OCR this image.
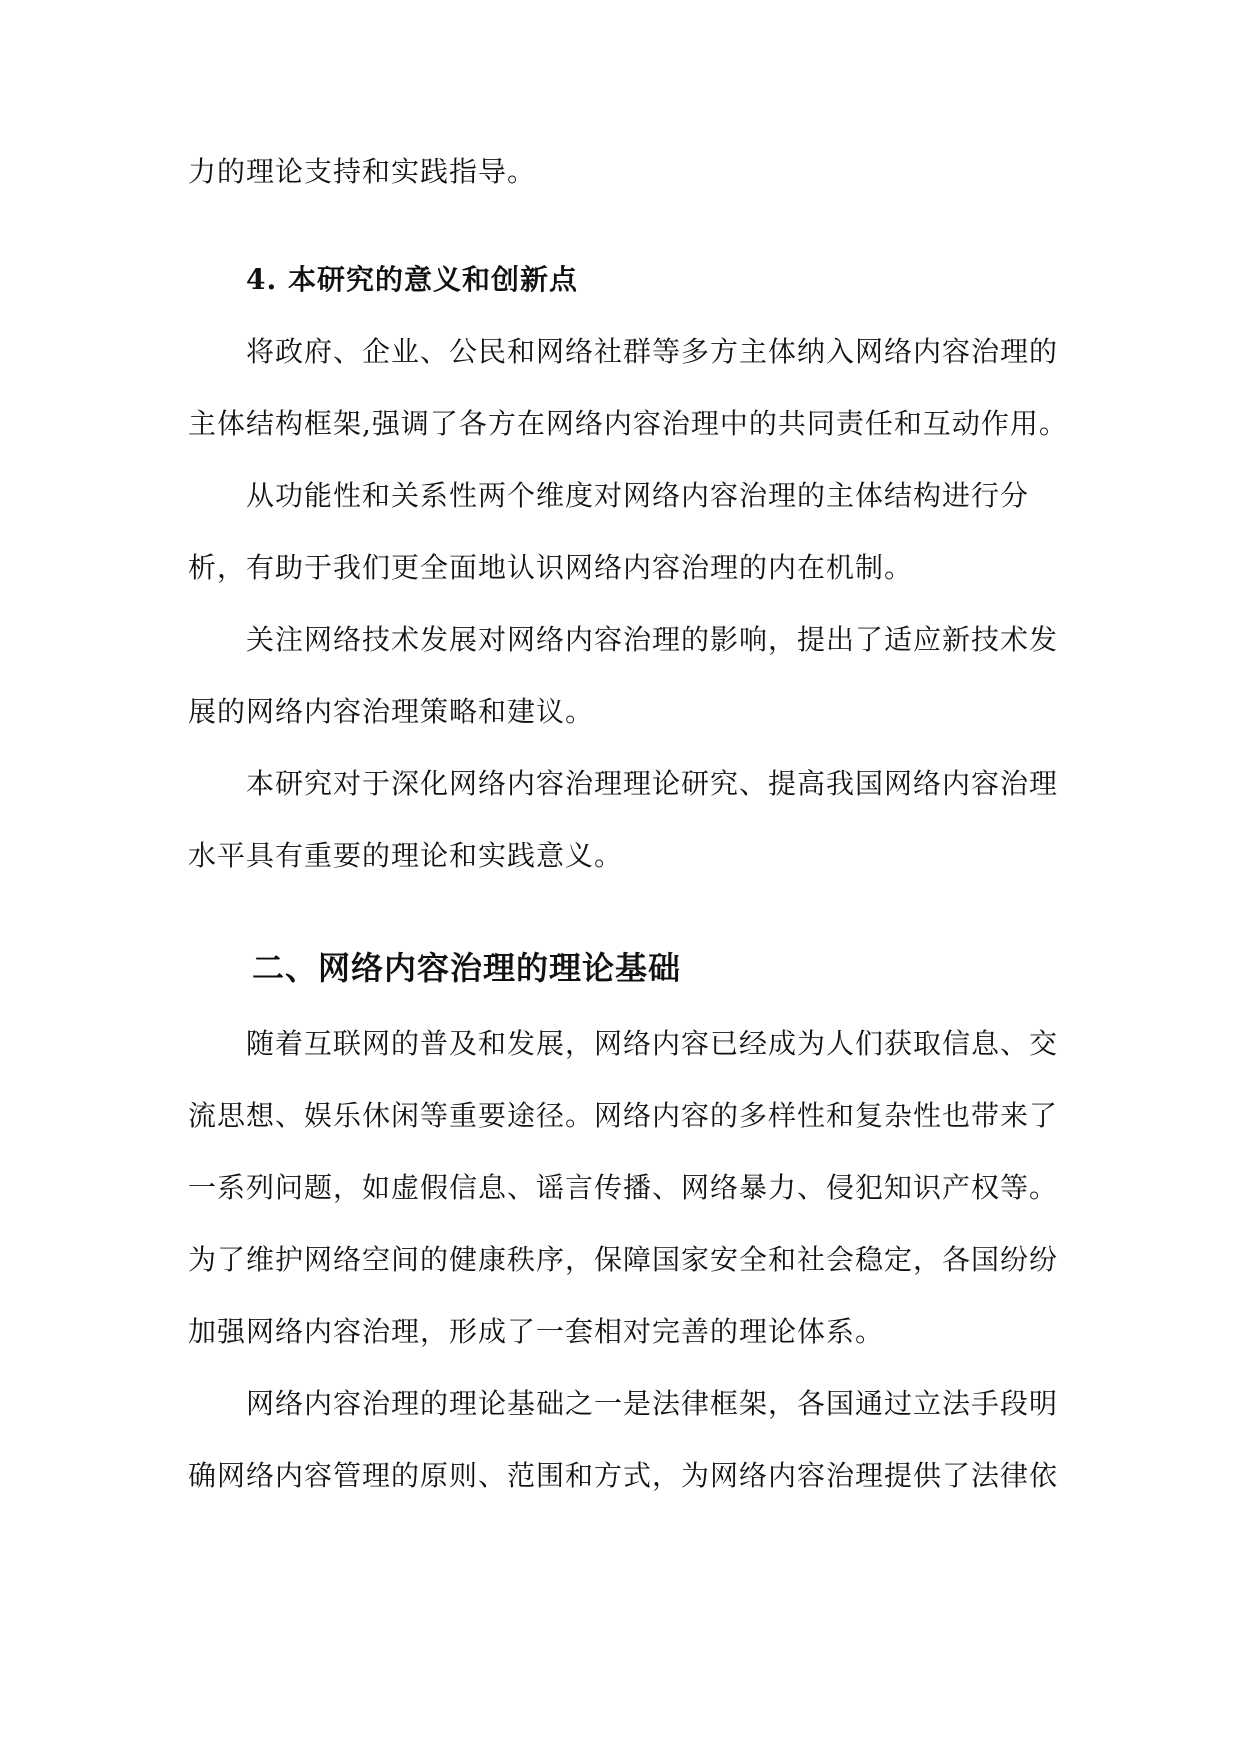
力的理论支持和实践指导。
4. 本研究的意义和创新点
将政府、企业、公民和网络社群等多方主体纳入网络内容治理的
主体结构框架,强调了各方在网络内容治理中的共同责任和互动作用。
从功能性和关系性两个维度对网络内容治理的主体结构进行分
析，有助于我们更全面地认识网络内容治理的内在机制。
关注网络技术发展对网络内容治理的影响，提出了适应新技术发
展的网络内容治理策略和建议。
本研究对于深化网络内容治理理论研究、提高我国网络内容治理
水平具有重要的理论和实践意义。
二、网络内容治理的理论基础
随着互联网的普及和发展，网络内容已经成为人们获取信息、交
流思想、娱乐休闲等重要途径。网络内容的多样性和复杂性也带来了
一系列问题，如虚假信息、谣言传播、网络暴力、侵犯知识产权等。
为了维护网络空间的健康秩序，保障国家安全和社会稳定，各国纷纷
加强网络内容治理，形成了一套相对完善的理论体系。
网络内容治理的理论基础之一是法律框架，各国通过立法手段明
确网络内容管理的原则、范围和方式，为网络内容治理提供了法律依
